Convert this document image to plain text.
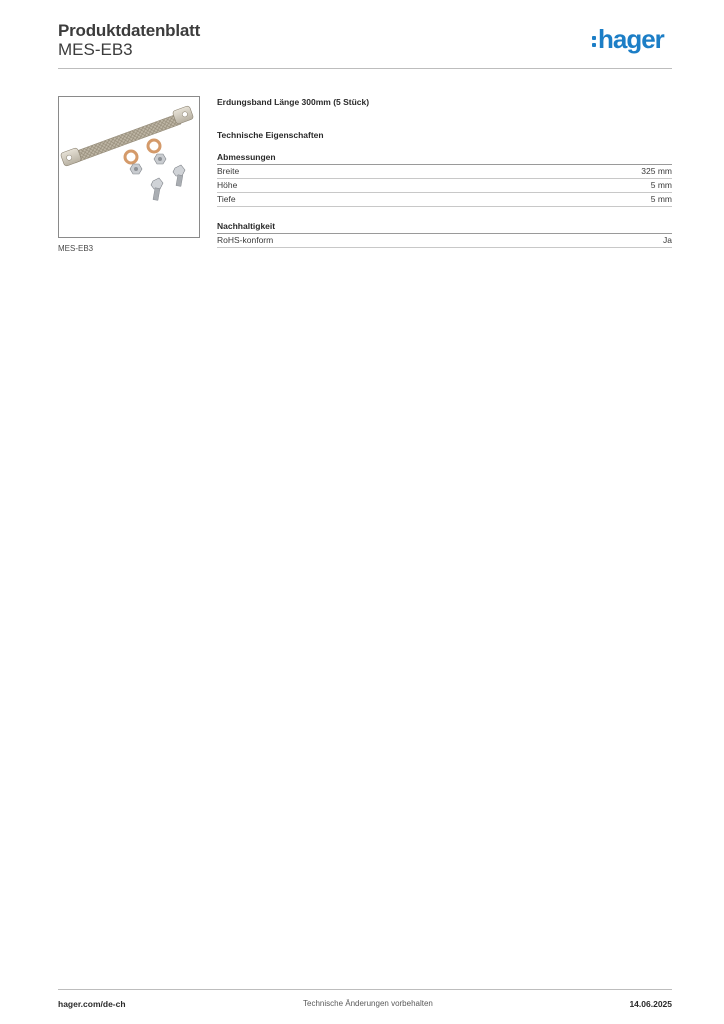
Produktdatenblatt
MES-EB3	hager
MES-EB3
Erdungsband Länge 300mm (5 Stück)
Technische Eigenschaften
Abmessungen
Breite	325 mm
Höhe	5 mm
Tiefe	5 mm
Nachhaltigkeit
RoHS-konform	Ja
hager.com/de-ch	Technische Änderungen vorbehalten	14.06.2025
